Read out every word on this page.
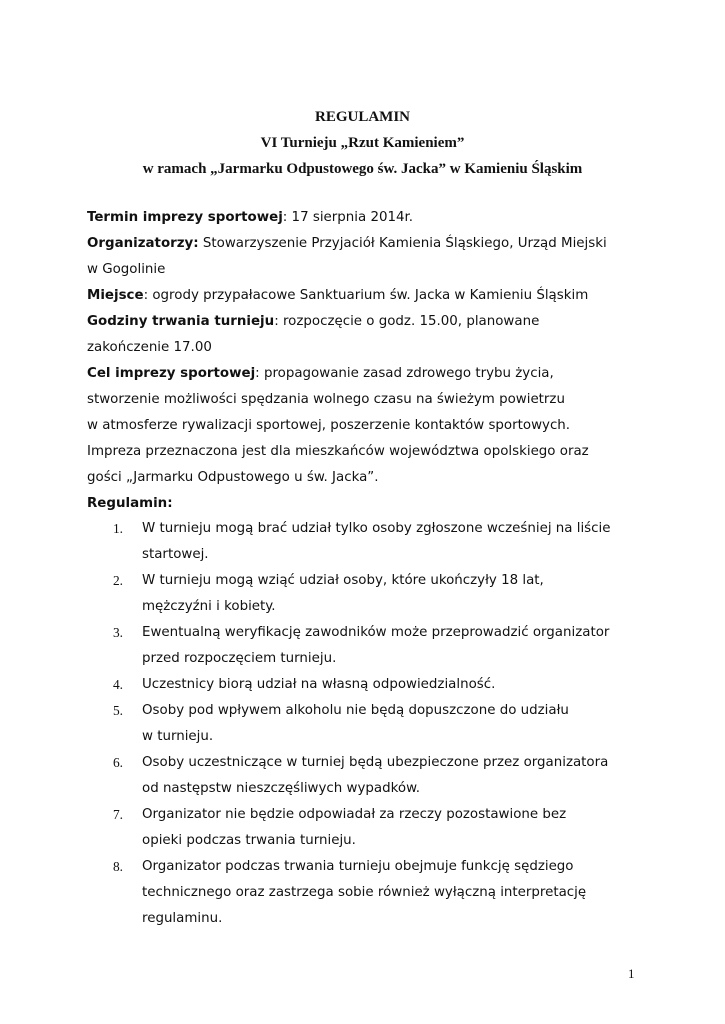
REGULAMIN
VI Turnieju „Rzut Kamieniem”
w ramach „Jarmarku Odpustowego św. Jacka” w Kamieniu Śląskim
Termin imprezy sportowej: 17 sierpnia 2014r.
Organizatorzy: Stowarzyszenie Przyjaciół Kamienia Śląskiego, Urząd Miejski
w Gogolinie
Miejsce: ogrody przypałacowe Sanktuarium św. Jacka w Kamieniu Śląskim
Godziny trwania turnieju: rozpoczęcie o godz. 15.00, planowane
zakończenie 17.00
Cel imprezy sportowej: propagowanie zasad zdrowego trybu życia,
stworzenie możliwości spędzania wolnego czasu na świeżym powietrzu
w atmosferze rywalizacji sportowej, poszerzenie kontaktów sportowych.
Impreza przeznaczona jest dla mieszkańców województwa opolskiego oraz
gości „Jarmarku Odpustowego u św. Jacka”.
Regulamin:
1. W turnieju mogą brać udział tylko osoby zgłoszone wcześniej na liście
startowej.
2. W turnieju mogą wziąć udział osoby, które ukończyły 18 lat,
mężczyźni i kobiety.
3. Ewentualną weryfikację zawodników może przeprowadzić organizator
przed rozpoczęciem turnieju.
4. Uczestnicy biorą udział na własną odpowiedzialność.
5. Osoby pod wpływem alkoholu nie będą dopuszczone do udziału
w turnieju.
6. Osoby uczestniczące w turniej będą ubezpieczone przez organizatora
od następstw nieszczęśliwych wypadków.
7. Organizator nie będzie odpowiadał za rzeczy pozostawione bez
opieki podczas trwania turnieju.
8. Organizator podczas trwania turnieju obejmuje funkcję sędziego
technicznego oraz zastrzega sobie również wyłączną interpretację
regulaminu.
1
